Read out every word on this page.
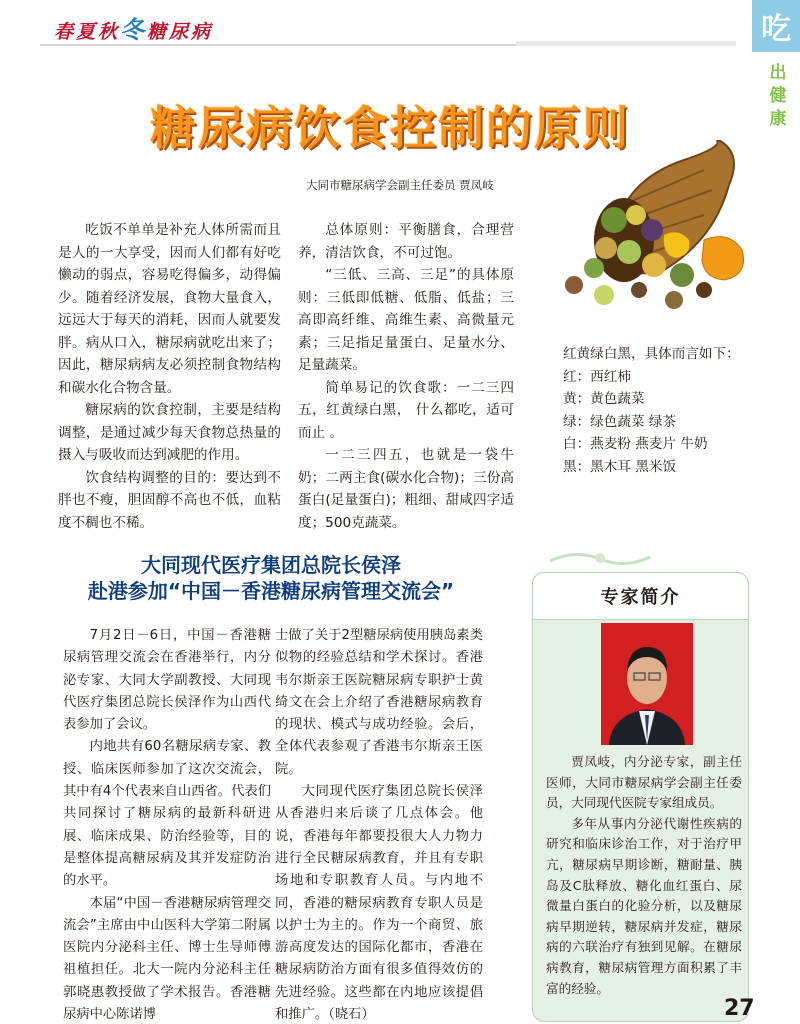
春夏秋冬糖尿病	吃
出
健
康
糖尿病饮食控制的原则
大同市糖尿病学会副主任委员 贾凤岐

吃饭不单单是补充人体所需而且是人的一大享受，因而人们都有好吃懒动的弱点，容易吃得偏多，动得偏少。随着经济发展，食物大量食入，远远大于每天的消耗，因而人就要发胖。病从口入，糖尿病就吃出来了；因此，糖尿病病友必须控制食物结构和碳水化合物含量。

糖尿病的饮食控制，主要是结构调整，是通过减少每天食物总热量的摄入与吸收而达到减肥的作用。

饮食结构调整的目的：要达到不胖也不瘦，胆固醇不高也不低，血粘度不稠也不稀。

总体原则：平衡膳食，合理营养，清洁饮食，不可过饱。

“三低、三高、三足”的具体原则：三低即低糖、低脂、低盐；三高即高纤维、高维生素、高微量元素；三足指足量蛋白、足量水分、足量蔬菜。

简单易记的饮食歌：一二三四五，红黄绿白黑， 什么都吃，适可而止 。

一二三四五，也就是一袋牛奶；二两主食(碳水化合物)；三份高蛋白(足量蛋白)；粗细、甜咸四字适度；500克蔬菜。

红黄绿白黑，具体而言如下：

红：西红柿

黄：黄色蔬菜

绿：绿色蔬菜 绿茶

白：燕麦粉 燕麦片 牛奶

黑：黑木耳 黑米饭

大同现代医疗集团总院长侯泽
赴港参加“中国－香港糖尿病管理交流会”

7月2日－6日，中国－香港糖尿病管理交流会在香港举行，内分泌专家、大同大学副教授、大同现代医疗集团总院长侯泽作为山西代表参加了会议。

内地共有60名糖尿病专家、教授、临床医师参加了这次交流会，其中有4个代表来自山西省。代表们共同探讨了糖尿病的最新科研进展、临床成果、防治经验等，目的是整体提高糖尿病及其并发症防治的水平。

本届“中国－香港糖尿病管理交流会”主席由中山医科大学第二附属医院内分泌科主任、博士生导师傅祖植担任。北大一院内分泌科主任郭晓惠教授做了学术报告。香港糖尿病中心陈诺博

士做了关于2型糖尿病使用胰岛素类似物的经验总结和学术探讨。香港韦尔斯亲王医院糖尿病专职护士黄绮文在会上介绍了香港糖尿病教育的现状、模式与成功经验。会后，全体代表参观了香港韦尔斯亲王医院。

大同现代医疗集团总院长侯泽从香港归来后谈了几点体会。他说，香港每年都要投很大人力物力进行全民糖尿病教育，并且有专职场地和专职教育人员。与内地不同，香港的糖尿病教育专职人员是以护士为主的。作为一个商贸、旅游高度发达的国际化都市，香港在糖尿病防治方面有很多值得效仿的先进经验。这些都在内地应该提倡和推广。（晓石）

专家简介

贾凤岐，内分泌专家，副主任医师，大同市糖尿病学会副主任委员，大同现代医院专家组成员。

多年从事内分泌代谢性疾病的研究和临床诊治工作，对于治疗甲亢，糖尿病早期诊断，糖耐量、胰岛及C肽释放、糖化血红蛋白、尿微量白蛋白的化验分析，以及糖尿病早期逆转，糖尿病并发症，糖尿病的六联治疗有独到见解。在糖尿病教育，糖尿病管理方面积累了丰富的经验。

27
